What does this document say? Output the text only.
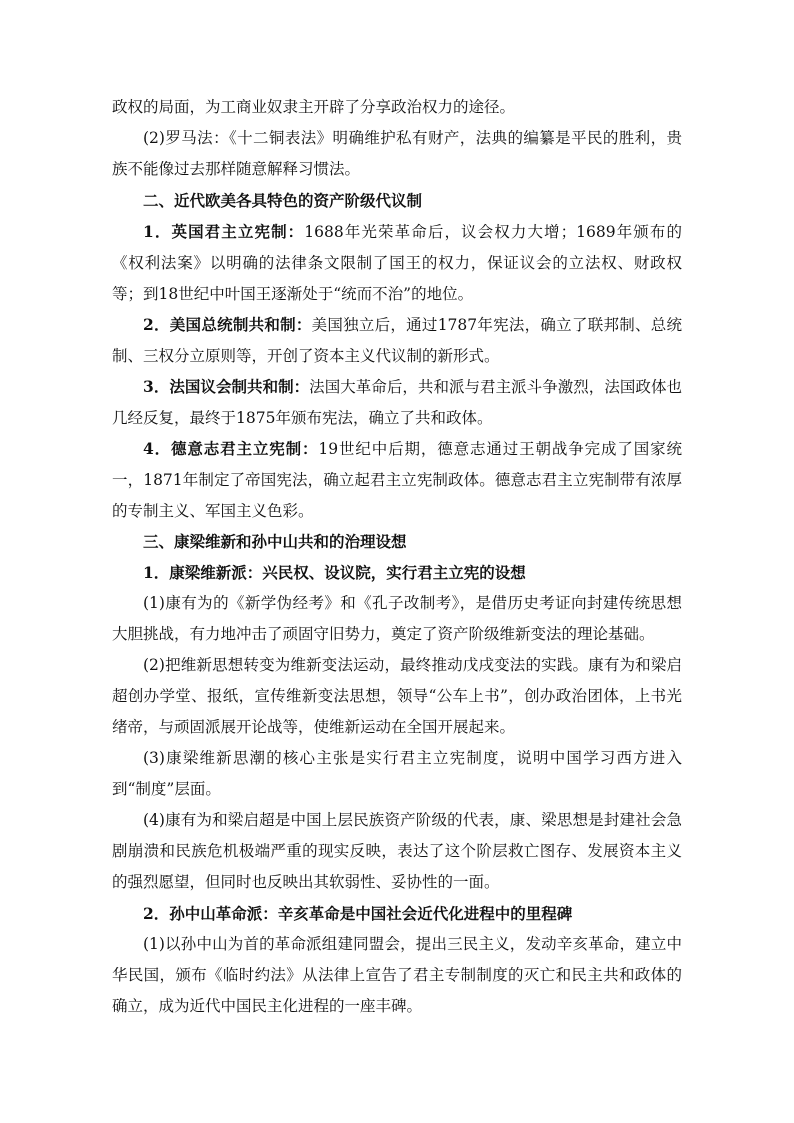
政权的局面，为工商业奴隶主开辟了分享政治权力的途径。

(2)罗马法：《十二铜表法》明确维护私有财产，法典的编纂是平民的胜利，贵族不能像过去那样随意解释习惯法。

二、近代欧美各具特色的资产阶级代议制

1．英国君主立宪制：1688年光荣革命后，议会权力大增；1689年颁布的《权利法案》以明确的法律条文限制了国王的权力，保证议会的立法权、财政权等；到18世纪中叶国王逐渐处于“统而不治”的地位。

2．美国总统制共和制：美国独立后，通过1787年宪法，确立了联邦制、总统制、三权分立原则等，开创了资本主义代议制的新形式。

3．法国议会制共和制：法国大革命后，共和派与君主派斗争激烈，法国政体也几经反复，最终于1875年颁布宪法，确立了共和政体。

4．德意志君主立宪制：19世纪中后期，德意志通过王朝战争完成了国家统一，1871年制定了帝国宪法，确立起君主立宪制政体。德意志君主立宪制带有浓厚的专制主义、军国主义色彩。

三、康梁维新和孙中山共和的治理设想

1．康梁维新派：兴民权、设议院，实行君主立宪的设想

(1)康有为的《新学伪经考》和《孔子改制考》，是借历史考证向封建传统思想大胆挑战，有力地冲击了顽固守旧势力，奠定了资产阶级维新变法的理论基础。

(2)把维新思想转变为维新变法运动，最终推动戊戌变法的实践。康有为和梁启超创办学堂、报纸，宣传维新变法思想，领导“公车上书”，创办政治团体，上书光绪帝，与顽固派展开论战等，使维新运动在全国开展起来。

(3)康梁维新思潮的核心主张是实行君主立宪制度，说明中国学习西方进入到“制度”层面。

(4)康有为和梁启超是中国上层民族资产阶级的代表，康、梁思想是封建社会急剧崩溃和民族危机极端严重的现实反映，表达了这个阶层救亡图存、发展资本主义的强烈愿望，但同时也反映出其软弱性、妥协性的一面。

2．孙中山革命派：辛亥革命是中国社会近代化进程中的里程碑

(1)以孙中山为首的革命派组建同盟会，提出三民主义，发动辛亥革命，建立中华民国，颁布《临时约法》从法律上宣告了君主专制制度的灭亡和民主共和政体的确立，成为近代中国民主化进程的一座丰碑。
